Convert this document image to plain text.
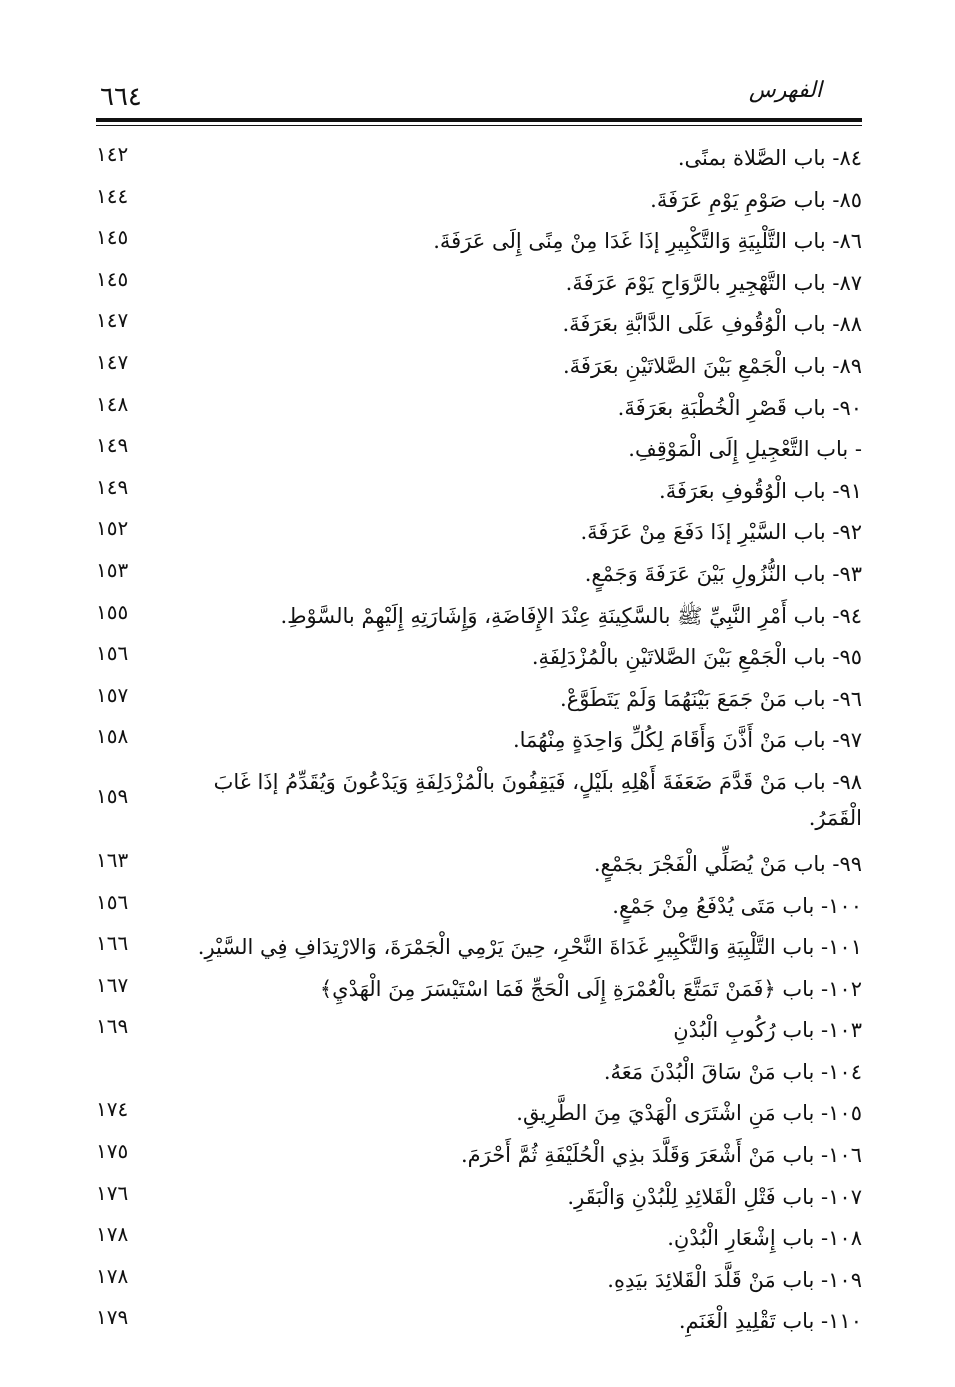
٦٦٤	الفهرس
٨٤- باب الصَّلاة بمنًى.
١٤٢
٨٥- باب صَوْمِ يَوْمِ عَرَفَةَ.
١٤٤
٨٦- باب التَّلْبِيَةِ وَالتَّكْبِيرِ إذَا غَدَا مِنْ مِنًى إِلَى عَرَفَةَ.
١٤٥
٨٧- باب التَّهْجِيرِ بالرَّوَاحِ يَوْمَ عَرَفَةَ.
١٤٥
٨٨- باب الْوُقُوفِ عَلَى الدَّابَّةِ بعَرَفَةَ.
١٤٧
٨٩- باب الْجَمْعِ بَيْنَ الصَّلاتَيْنِ بعَرَفَةَ.
١٤٧
٩٠- باب قَصْرِ الْخُطْبَةِ بعَرَفَةَ.
١٤٨
- باب التَّعْجِيلِ إِلَى الْمَوْقِفِ.
١٤٩
٩١- باب الْوُقُوفِ بعَرَفَةَ.
١٤٩
٩٢- باب السَّيْرِ إذَا دَفَعَ مِنْ عَرَفَةَ.
١٥٢
٩٣- باب النُّزُولِ بَيْنَ عَرَفَةَ وَجَمْعٍ.
١٥٣
٩٤- باب أَمْرِ النَّبِيِّ ﷺ بالسَّكِينَةِ عِنْدَ الإِفَاضَةِ، وَإِشَارَتِهِ إِلَيْهِمْ بالسَّوْطِ.
١٥٥
٩٥- باب الْجَمْعِ بَيْنَ الصَّلاتَيْنِ بالْمُزْدَلِفَةِ.
١٥٦
٩٦- باب مَنْ جَمَعَ بَيْنَهُمَا وَلَمْ يَتَطَوَّعْ.
١٥٧
٩٧- باب مَنْ أَذَّنَ وَأَقَامَ لِكُلِّ وَاحِدَةٍ مِنْهُمَا.
١٥٨
٩٨- باب مَنْ قَدَّمَ ضَعَفَةَ أَهْلِهِ بلَيْلٍ، فَيَقِفُونَ بالْمُزْدَلِفَةِ وَيَدْعُونَ وَيُقَدِّمُ إذَا غَابَ الْقَمَرُ.
١٥٩
٩٩- باب مَنْ يُصَلِّي الْفَجْرَ بجَمْعٍ.
١٦٣
١٠٠- باب مَتَى يُدْفَعُ مِنْ جَمْعٍ.
١٥٦
١٠١- باب التَّلْبِيَةِ وَالتَّكْبِيرِ غَدَاةَ النَّحْرِ، حِينَ يَرْمِي الْجَمْرَةَ، وَالارْتِدَافِ فِي السَّيْرِ.
١٦٦
١٠٢- باب ﴿فَمَنْ تَمَتَّعَ بالْعُمْرَةِ إِلَى الْحَجِّ فَمَا اسْتَيْسَرَ مِنَ الْهَدْيِ﴾
١٦٧
١٠٣- باب رُكُوبِ الْبُدْنِ
١٦٩
١٠٤- باب مَنْ سَاقَ الْبُدْنَ مَعَهُ.
١٠٥- باب مَنِ اشْتَرَى الْهَدْيَ مِنَ الطَّرِيقِ.
١٧٤
١٠٦- باب مَنْ أَشْعَرَ وَقَلَّدَ بذِي الْحُلَيْفَةِ ثُمَّ أَحْرَمَ.
١٧٥
١٠٧- باب فَتْلِ الْقَلائِدِ لِلْبُدْنِ وَالْبَقَرِ.
١٧٦
١٠٨- باب إِشْعَارِ الْبُدْنِ.
١٧٨
١٠٩- باب مَنْ قَلَّدَ الْقَلائِدَ بيَدِهِ.
١٧٨
١١٠- باب تَقْلِيدِ الْغَنَمِ.
١٧٩
